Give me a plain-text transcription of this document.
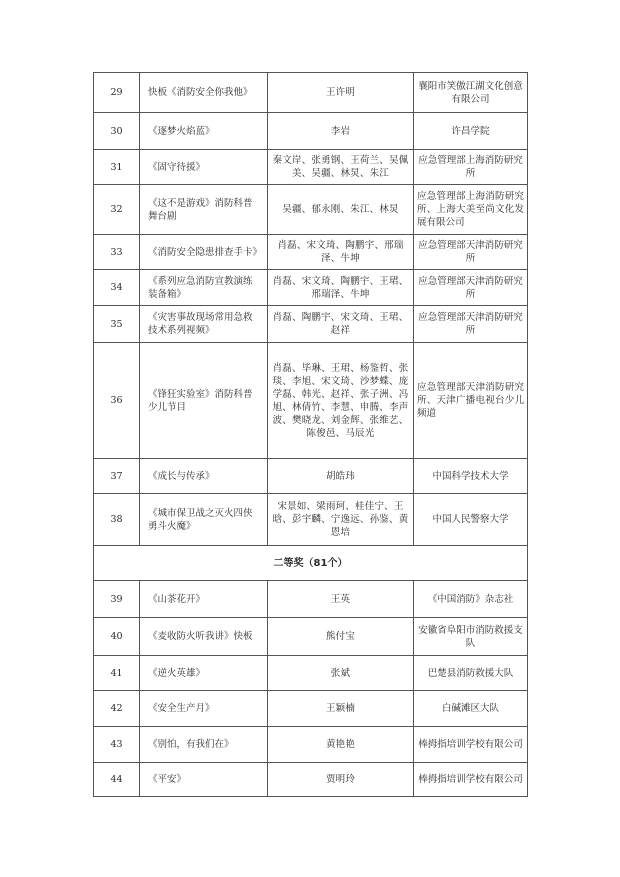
29	快板《消防安全你我他》	王许明	襄阳市笑傲江湖文化创意有限公司
30	《逐梦火焰蓝》	李岩	许昌学院
31	《固守待援》	秦文岸、张勇钢、王荷兰、吴佩美、吴疆、林炅、朱江	应急管理部上海消防研究所
32	《这不是游戏》消防科普舞台剧	吴疆、郁永刚、朱江、林炅	应急管理部上海消防研究所、上海大美至尚文化发展有限公司
33	《消防安全隐患排查手卡》	肖磊、宋文琦、陶鹏宇、邢瑞泽、牛坤	应急管理部天津消防研究所
34	《系列应急消防宣教演练装备箱》	肖磊、宋文琦、陶鹏宇、王珺、邢瑞泽、牛坤	应急管理部天津消防研究所
35	《灾害事故现场常用急救技术系列视频》	肖磊、陶鹏宇、宋文琦、王珺、赵祥	应急管理部天津消防研究所
36	《锋狂实验室》消防科普少儿节目	肖磊、毕琳、王珺、杨鉴哲、张琰、李旭、宋文琦、沙梦蝶、庞学磊、韩光、赵祥、张子洲、冯旭、林倩竹、李慧、申腾、李声波、樊晓龙、刘金辉、张维艺、陈俊邑、马辰光	应急管理部天津消防研究所、天津广播电视台少儿频道
37	《成长与传承》	胡皓玮	中国科学技术大学
38	《城市保卫战之灭火四侠勇斗火魔》	宋景如、梁雨珂、桂佳宁、王晗、彭宇麟、宁逸远、孙鉴、黄恩培	中国人民警察大学
二等奖（81个）			
39	《山茶花开》	王英	《中国消防》杂志社
40	《麦收防火听我讲》快板	熊付宝	安徽省阜阳市消防救援支队
41	《逆火英雄》	张斌	巴楚县消防救援大队
42	《安全生产月》	王颖楠	白碱滩区大队
43	《别怕，有我们在》	黄艳艳	棒拇指培训学校有限公司
44	《平安》	贾明玲	棒拇指培训学校有限公司
